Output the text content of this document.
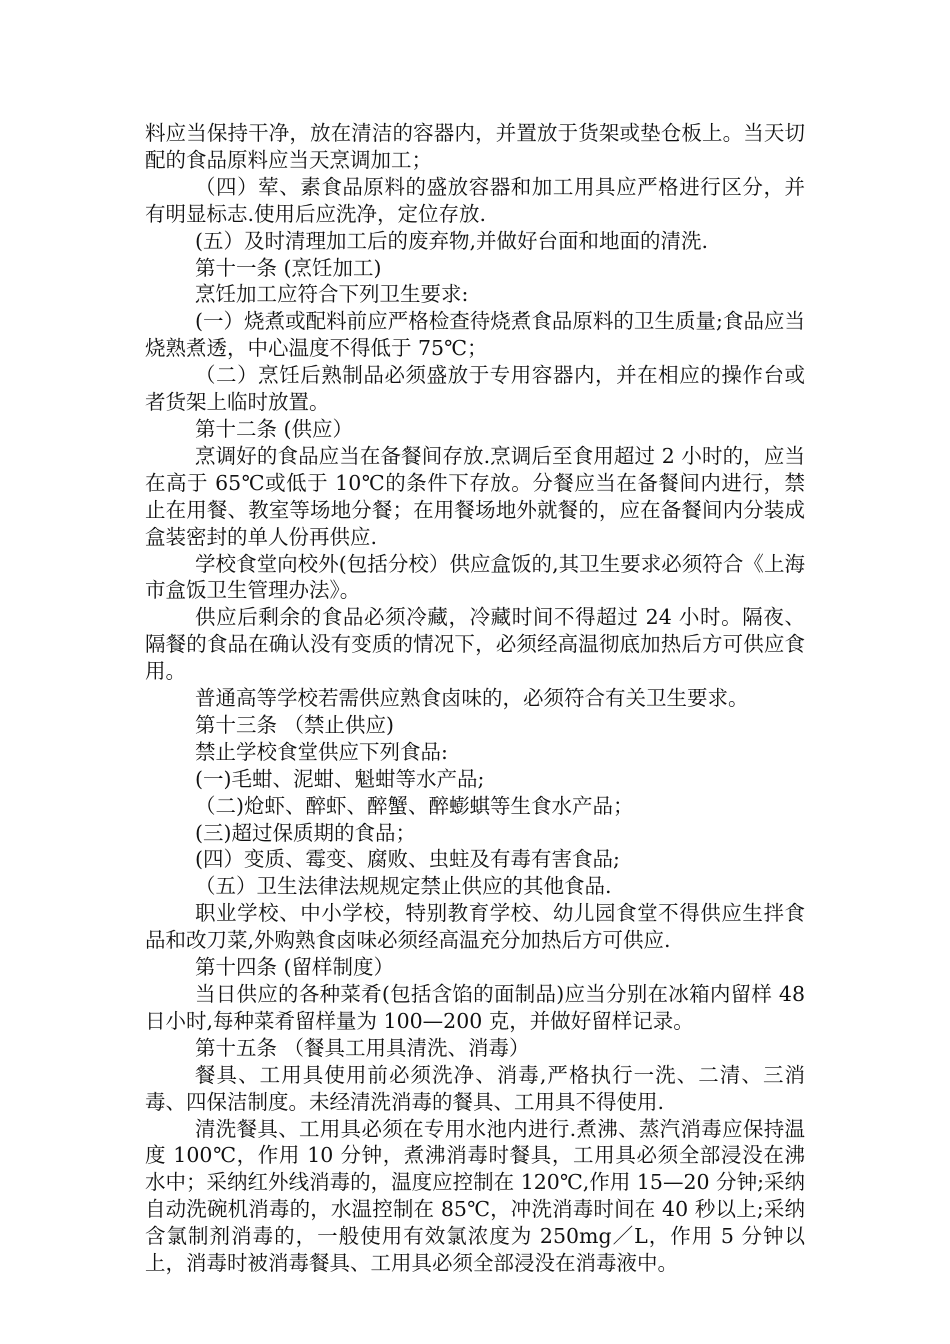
料应当保持干净，放在清洁的容器内，并置放于货架或垫仓板上。当天切配的食品原料应当天烹调加工；

（四）荤、素食品原料的盛放容器和加工用具应严格进行区分，并有明显标志.使用后应洗净，定位存放.

(五）及时清理加工后的废弃物,并做好台面和地面的清洗.

第十一条 (烹饪加工)

烹饪加工应符合下列卫生要求:

(一）烧煮或配料前应严格检查待烧煮食品原料的卫生质量;食品应当烧熟煮透，中心温度不得低于 75℃；

（二）烹饪后熟制品必须盛放于专用容器内，并在相应的操作台或者货架上临时放置。

第十二条 (供应）

烹调好的食品应当在备餐间存放.烹调后至食用超过 2 小时的，应当在高于 65℃或低于 10℃的条件下存放。分餐应当在备餐间内进行，禁止在用餐、教室等场地分餐；在用餐场地外就餐的，应在备餐间内分装成盒装密封的单人份再供应.

学校食堂向校外(包括分校）供应盒饭的,其卫生要求必须符合《上海市盒饭卫生管理办法》。

供应后剩余的食品必须冷藏，冷藏时间不得超过 24 小时。隔夜、隔餐的食品在确认没有变质的情况下，必须经高温彻底加热后方可供应食用。

普通高等学校若需供应熟食卤味的，必须符合有关卫生要求。

第十三条 （禁止供应)

禁止学校食堂供应下列食品:

(一)毛蚶、泥蚶、魁蚶等水产品;

（二)炝虾、醉虾、醉蟹、醉蟛蜞等生食水产品；

(三)超过保质期的食品；

(四）变质、霉变、腐败、虫蛀及有毒有害食品;

（五）卫生法律法规规定禁止供应的其他食品.

职业学校、中小学校，特别教育学校、幼儿园食堂不得供应生拌食品和改刀菜,外购熟食卤味必须经高温充分加热后方可供应.

第十四条 (留样制度）

当日供应的各种菜肴(包括含馅的面制品)应当分别在冰箱内留样 48 日小时,每种菜肴留样量为 100—200 克，并做好留样记录。

第十五条 （餐具工用具清洗、消毒）

餐具、工用具使用前必须洗净、消毒,严格执行一洗、二清、三消毒、四保洁制度。未经清洗消毒的餐具、工用具不得使用.

清洗餐具、工用具必须在专用水池内进行.煮沸、蒸汽消毒应保持温度 100℃，作用 10 分钟，煮沸消毒时餐具，工用具必须全部浸没在沸水中；采纳红外线消毒的，温度应控制在 120℃,作用 15—20 分钟;采纳自动洗碗机消毒的，水温控制在 85℃，冲洗消毒时间在 40 秒以上;采纳含氯制剂消毒的，一般使用有效氯浓度为 250mg／L，作用 5 分钟以上，消毒时被消毒餐具、工用具必须全部浸没在消毒液中。
